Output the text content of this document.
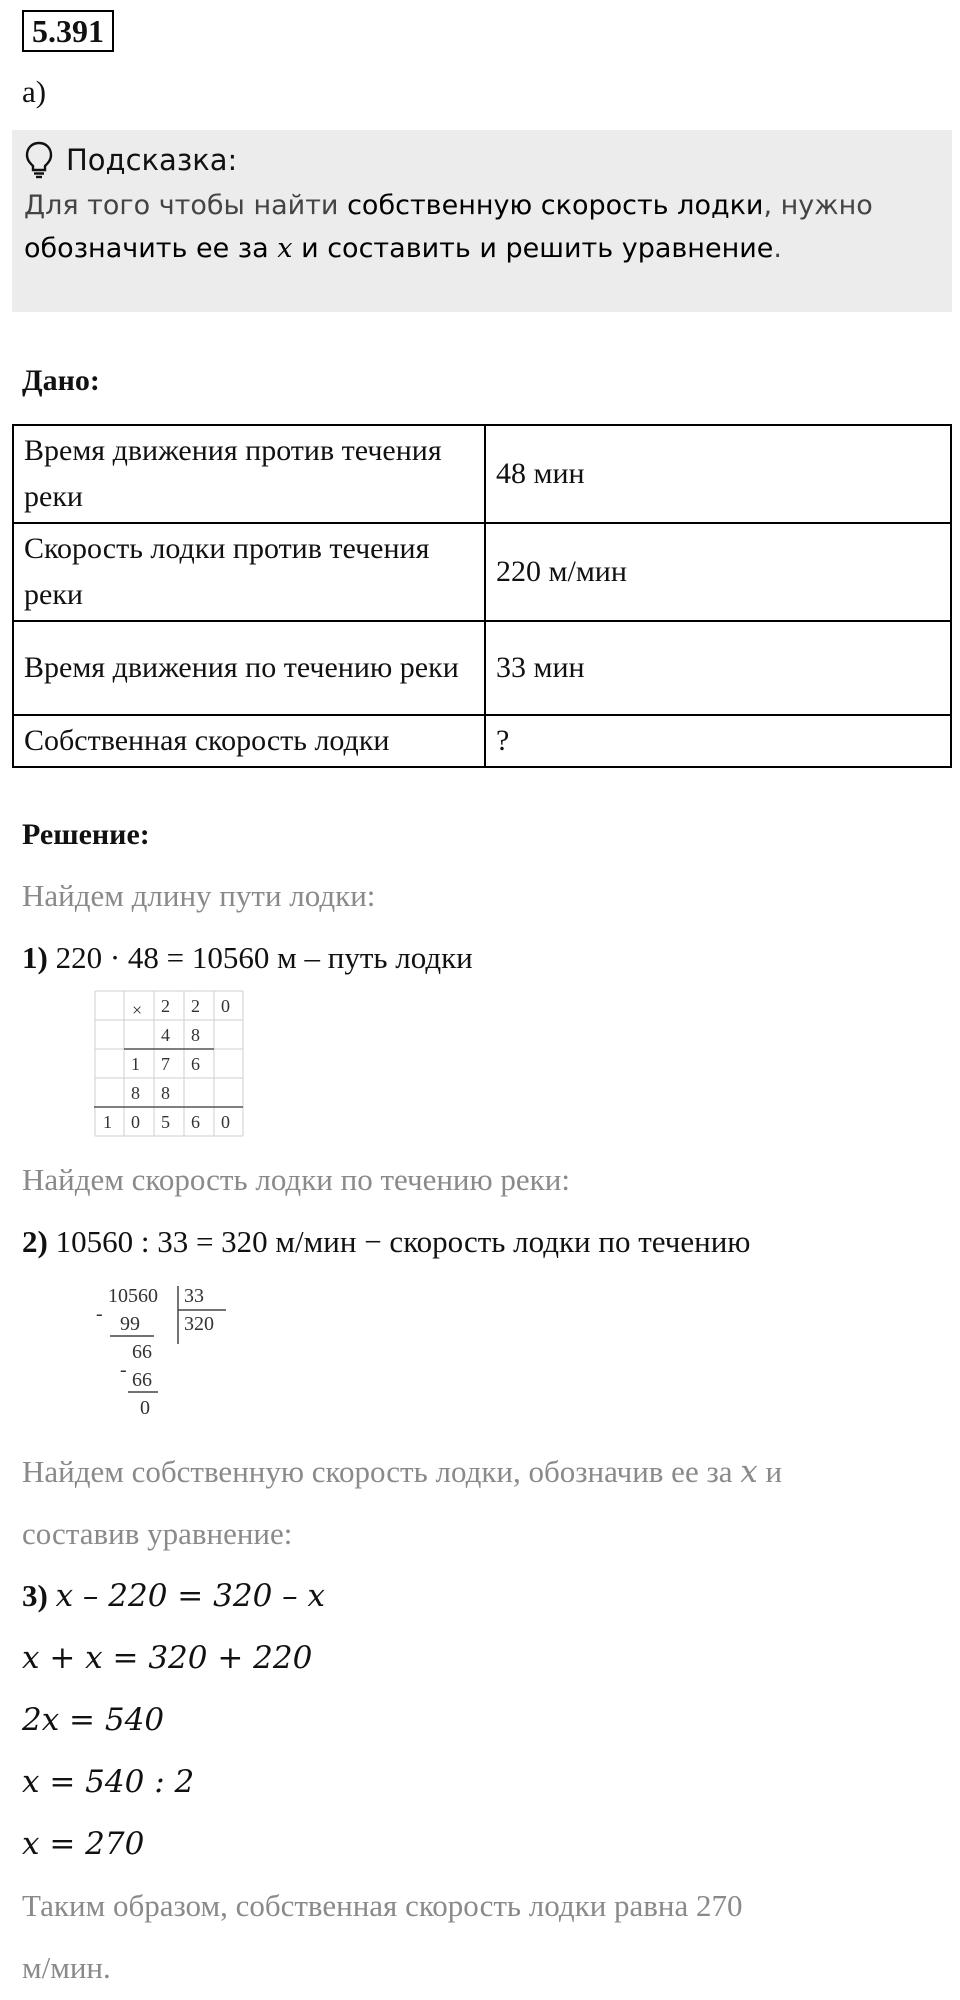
5.391
а)
Подсказка:
Для того чтобы найти собственную скорость лодки, нужно
обозначить ее за x и составить и решить уравнение.
Дано:
Время движения против течения реки	48 мин
Скорость лодки против течения реки	220 м/мин
Время движения по течению реки	33 мин
Собственная скорость лодки	?
Решение:
Найдем длину пути лодки:
1) 220 · 48 = 10560 м – путь лодки
× 2 2 0
4 8
1 7 6
8 8
1 0 5 6 0
Найдем скорость лодки по течению реки:
2) 10560 : 33 = 320 м/мин − скорость лодки по течению
-
10560 33
320
99
66
- 66
0
Найдем собственную скорость лодки, обозначив ее за x и
составив уравнение:
3) x – 220 = 320 – x
x + x = 320 + 220
2x = 540
x = 540 : 2
x = 270
Таким образом, собственная скорость лодки равна 270
м/мин.
